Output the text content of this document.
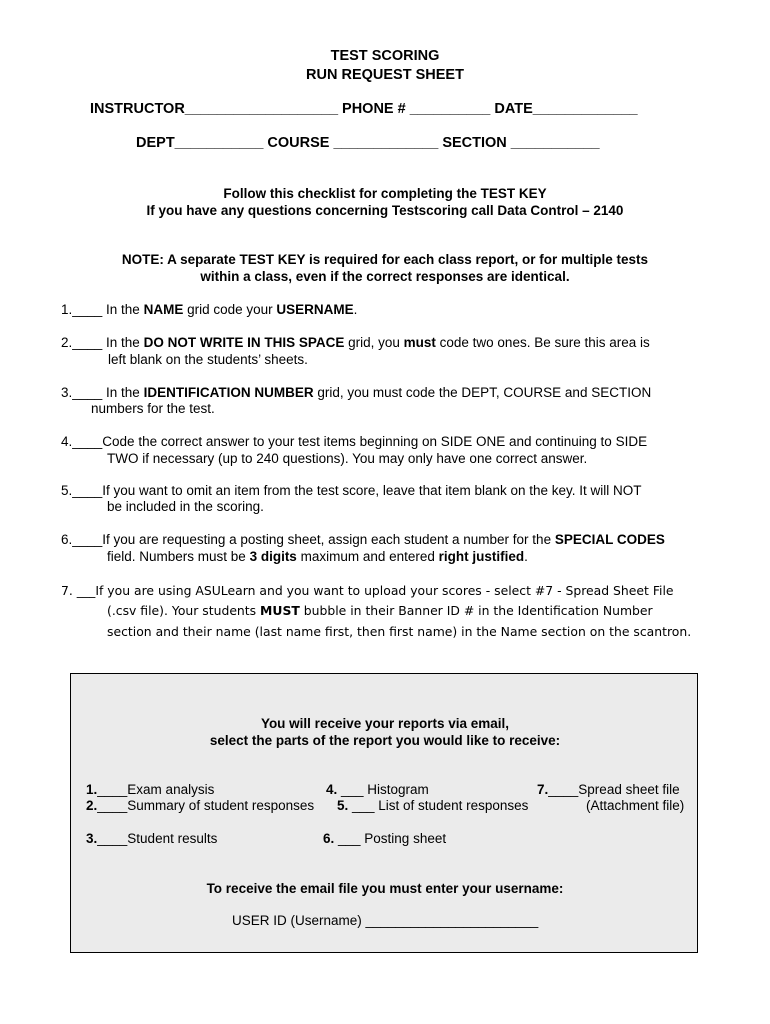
TEST SCORING

RUN REQUEST SHEET

INSTRUCTOR___________________ PHONE # __________ DATE_____________

DEPT___________ COURSE _____________ SECTION ___________

Follow this checklist for completing the TEST KEY

If you have any questions concerning Testscoring call Data Control – 2140

NOTE: A separate TEST KEY is required for each class report, or for multiple tests

within a class, even if the correct responses are identical.

1.____ In the NAME grid code your USERNAME.

2.____ In the DO NOT WRITE IN THIS SPACE grid, you must code two ones. Be sure this area is

left blank on the students’ sheets.

3.____ In the IDENTIFICATION NUMBER grid, you must code the DEPT, COURSE and SECTION

numbers for the test.

4.____Code the correct answer to your test items beginning on SIDE ONE and continuing to SIDE

TWO if necessary (up to 240 questions). You may only have one correct answer.

5.____If you want to omit an item from the test score, leave that item blank on the key. It will NOT

be included in the scoring.

6.____If you are requesting a posting sheet, assign each student a number for the SPECIAL CODES

field. Numbers must be 3 digits maximum and entered right justified.

7. ___If you are using ASULearn and you want to upload your scores - select #7 - Spread Sheet File

(.csv file). Your students MUST bubble in their Banner ID # in the Identification Number

section and their name (last name first, then first name) in the Name section on the scantron.

You will receive your reports via email,

select the parts of the report you would like to receive:

1.____Exam analysis

2.____Summary of student responses

3.____Student results

4. ___ Histogram

5. ___ List of student responses

6. ___ Posting sheet

7.____Spread sheet file

(Attachment file)

To receive the email file you must enter your username:

USER ID (Username) _______________________
